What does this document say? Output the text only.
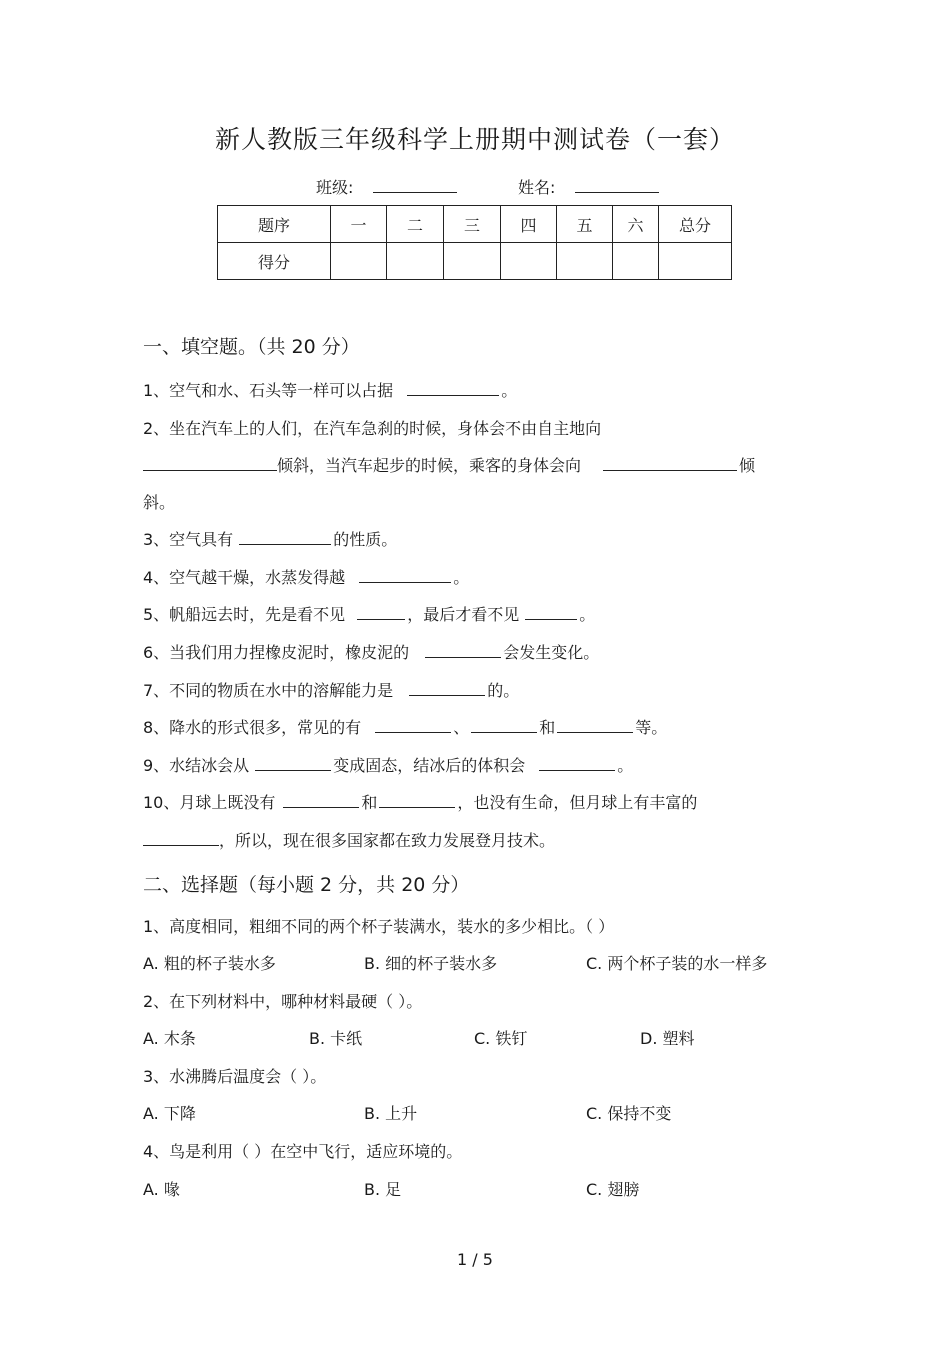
新人教版三年级科学上册期中测试卷（一套）
班级:	姓名:
题序	一	二	三	四	五	六	总分
得分							
一、填空题。（共 20 分）
1、空气和水、石头等一样可以占据	。
2、坐在汽车上的人们，在汽车急刹的时候，身体会不由自主地向
倾斜，当汽车起步的时候，乘客的身体会向	倾
斜。
3、空气具有	的性质。
4、空气越干燥，水蒸发得越	。
5、帆船远去时，先是看不见	，最后才看不见	。
6、当我们用力捏橡皮泥时，橡皮泥的	会发生变化。
7、不同的物质在水中的溶解能力是	的。
8、降水的形式很多，常见的有	、	和	等。
9、水结冰会从	变成固态，结冰后的体积会	。
10、月球上既没有	和	，也没有生命，但月球上有丰富的
，所以，现在很多国家都在致力发展登月技术。
二、选择题（每小题 2 分，共 20 分）
1、高度相同，粗细不同的两个杯子装满水，装水的多少相比。（ ）
A. 粗的杯子装水多	B. 细的杯子装水多	C. 两个杯子装的水一样多
2、在下列材料中，哪种材料最硬（ ）。
A. 木条	B. 卡纸	C. 铁钉	D. 塑料
3、水沸腾后温度会（ ）。
A. 下降	B. 上升	C. 保持不变
4、鸟是利用（ ）在空中飞行，适应环境的。
A. 喙	B. 足	C. 翅膀
1 / 5
